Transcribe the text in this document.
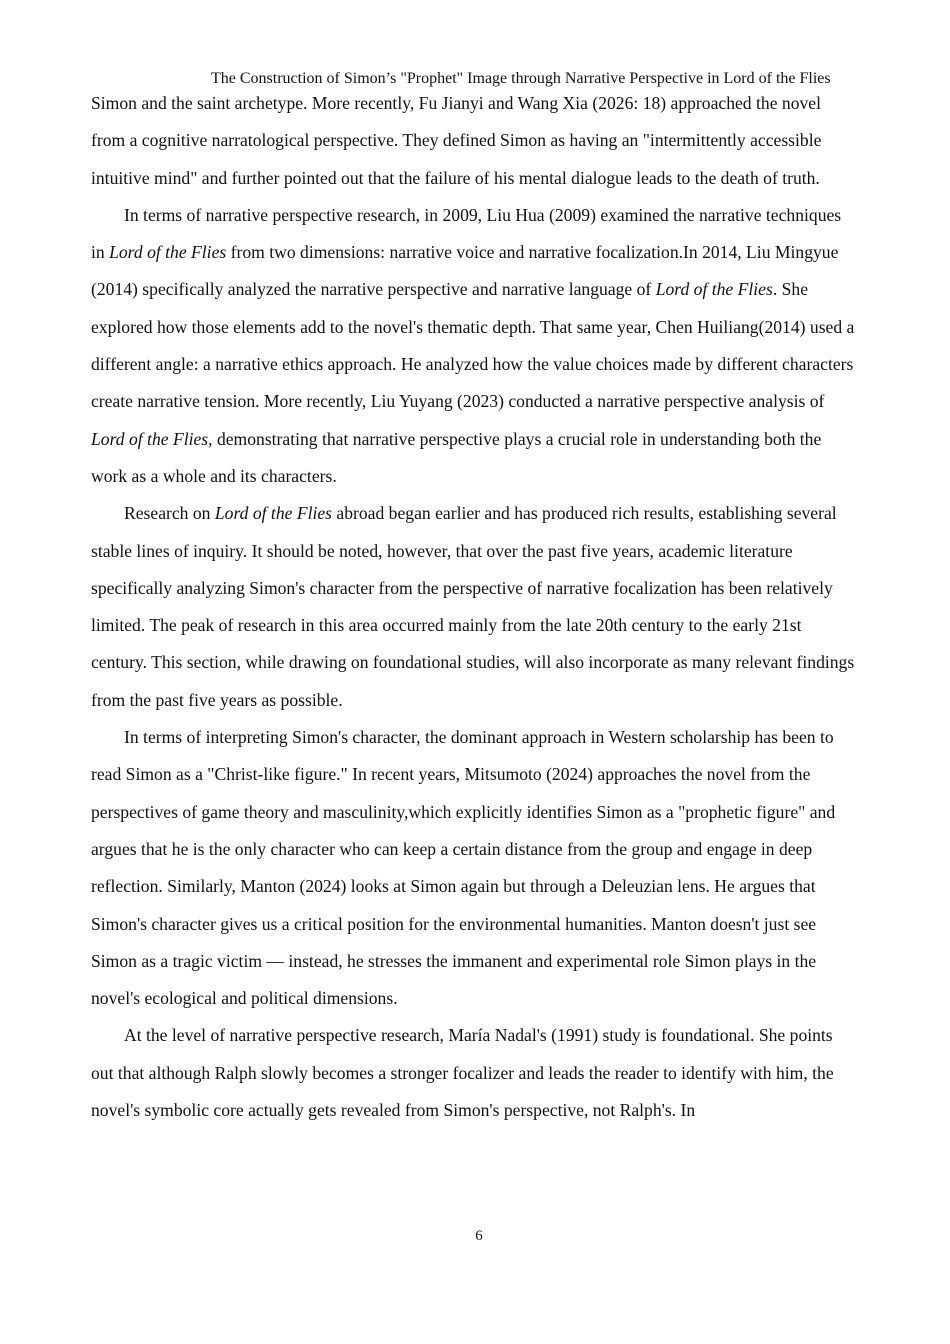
The Construction of Simon’s "Prophet" Image through Narrative Perspective in Lord of the Flies

Simon and the saint archetype. More recently, Fu Jianyi and Wang Xia (2026: 18) approached the novel from a cognitive narratological perspective. They defined Simon as having an "intermittently accessible intuitive mind" and further pointed out that the failure of his mental dialogue leads to the death of truth.

In terms of narrative perspective research, in 2009, Liu Hua (2009) examined the narrative techniques in Lord of the Flies from two dimensions: narrative voice and narrative focalization.In 2014, Liu Mingyue (2014) specifically analyzed the narrative perspective and narrative language of Lord of the Flies. She explored how those elements add to the novel's thematic depth. That same year, Chen Huiliang(2014) used a different angle: a narrative ethics approach. He analyzed how the value choices made by different characters create narrative tension. More recently, Liu Yuyang (2023) conducted a narrative perspective analysis of Lord of the Flies, demonstrating that narrative perspective plays a crucial role in understanding both the work as a whole and its characters.

Research on Lord of the Flies abroad began earlier and has produced rich results, establishing several stable lines of inquiry. It should be noted, however, that over the past five years, academic literature specifically analyzing Simon's character from the perspective of narrative focalization has been relatively limited. The peak of research in this area occurred mainly from the late 20th century to the early 21st century. This section, while drawing on foundational studies, will also incorporate as many relevant findings from the past five years as possible.

In terms of interpreting Simon's character, the dominant approach in Western scholarship has been to read Simon as a "Christ-like figure." In recent years, Mitsumoto (2024) approaches the novel from the perspectives of game theory and masculinity,which explicitly identifies Simon as a "prophetic figure" and argues that he is the only character who can keep a certain distance from the group and engage in deep reflection. Similarly, Manton (2024) looks at Simon again but through a Deleuzian lens. He argues that Simon's character gives us a critical position for the environmental humanities. Manton doesn't just see Simon as a tragic victim — instead, he stresses the immanent and experimental role Simon plays in the novel's ecological and political dimensions.

At the level of narrative perspective research, María Nadal's (1991) study is foundational. She points out that although Ralph slowly becomes a stronger focalizer and leads the reader to identify with him, the novel's symbolic core actually gets revealed from Simon's perspective, not Ralph's. In

6
